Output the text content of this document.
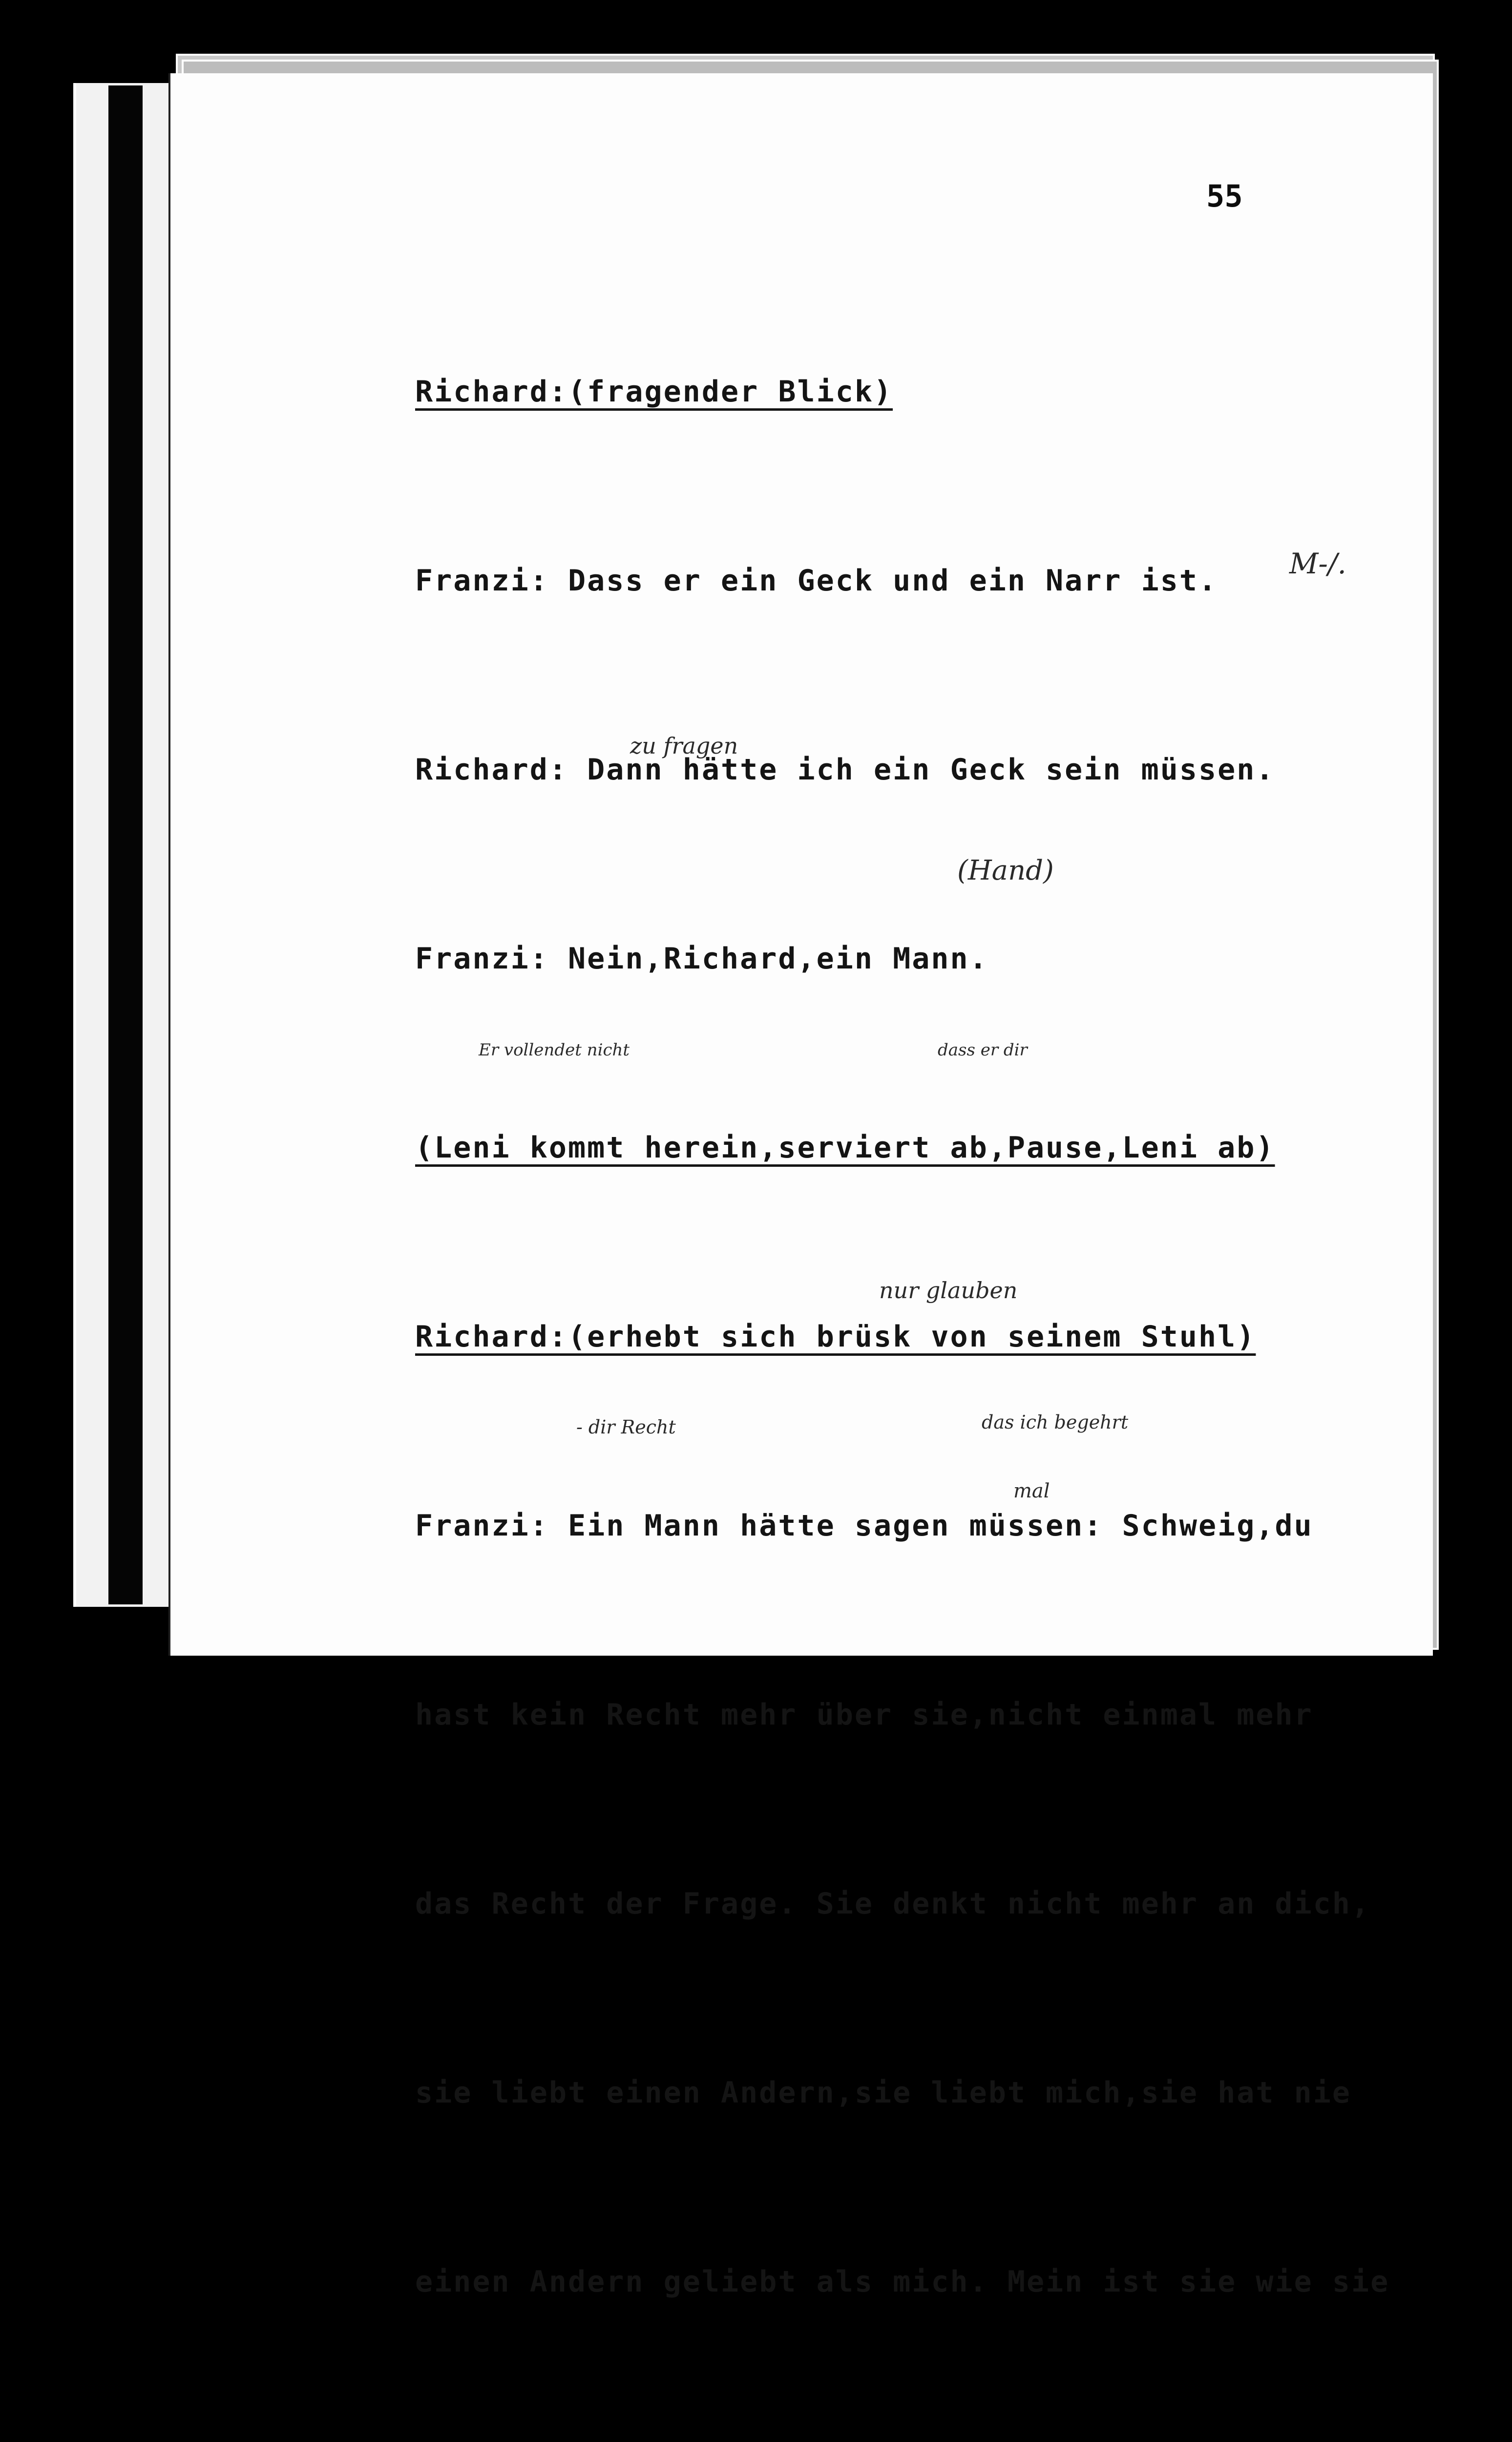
55

Richard:(fragender Blick)

Franzi: Dass er ein Geck und ein Narr ist.

Richard: Dann hätte ich ein Geck sein müssen.

Franzi: Nein,Richard,ein Mann.

(Leni kommt herein,serviert ab,Pause,Leni ab)

Richard:(erhebt sich brüsk von seinem Stuhl)

Franzi: Ein Mann hätte sagen müssen: Schweig,du

hast kein Recht mehr über sie,nicht einmal mehr

das Recht der Frage. Sie denkt nicht mehr an dich,

sie liebt einen Andern,sie liebt mich,sie hat nie

einen Andern geliebt als mich. Mein ist sie wie sie

M-/.
zu fragen
(Hand)
Er vollendet nicht	dass er dir
nur glauben
- dir Recht	das ich begehrt
mal
